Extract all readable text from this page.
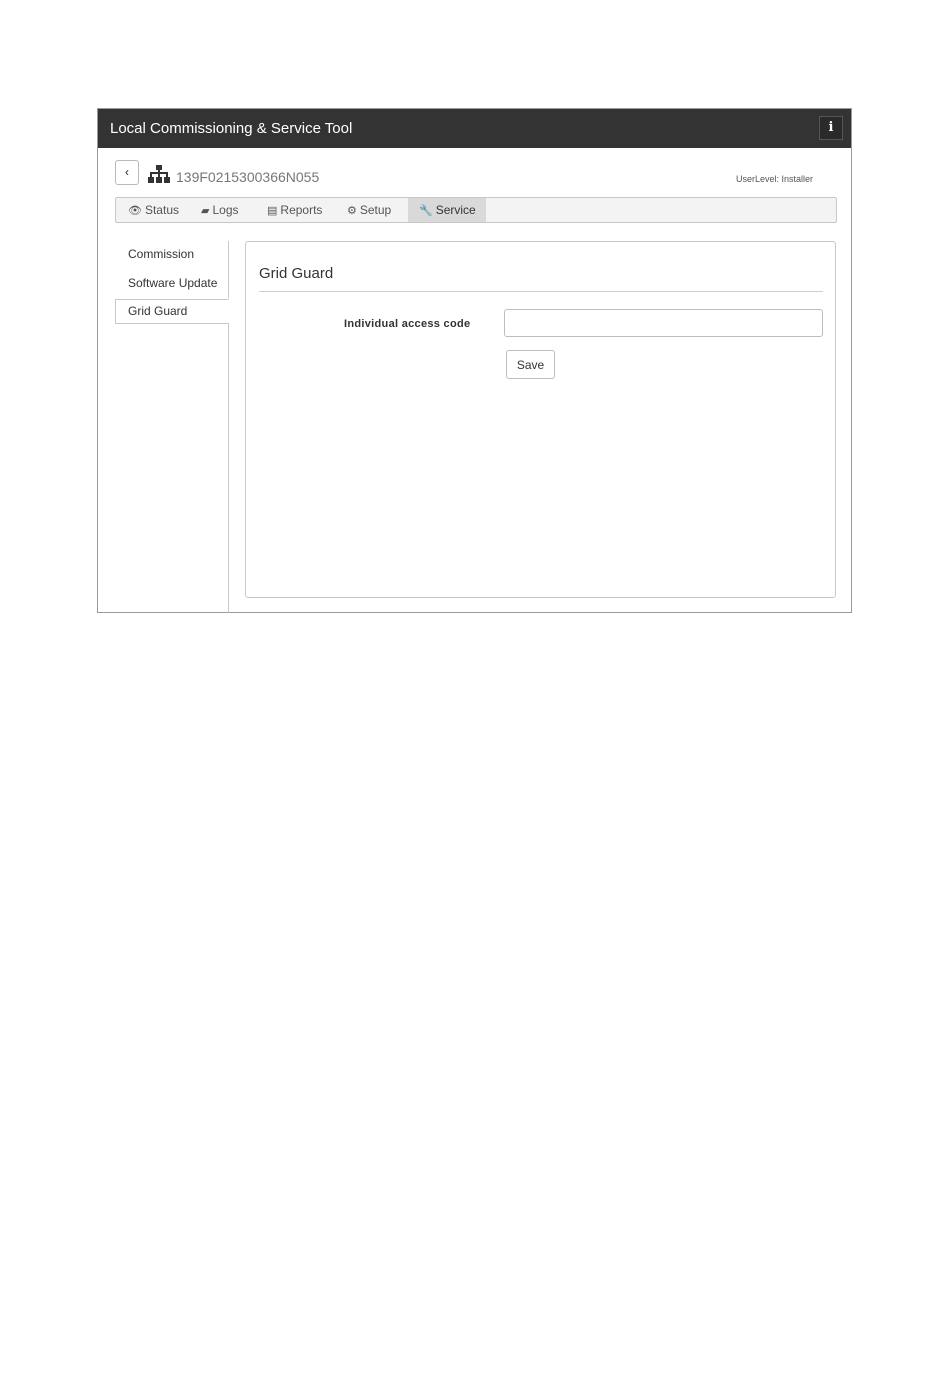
Local Commissioning & Service Tool	i
‹	139F0215300366N055	UserLevel: Installer
👁 Status ▰ Logs	▤ Reports ⚙ Setup	🔧 Service
Commission
Software Update
Grid Guard
Grid Guard
Individual access code
Save
